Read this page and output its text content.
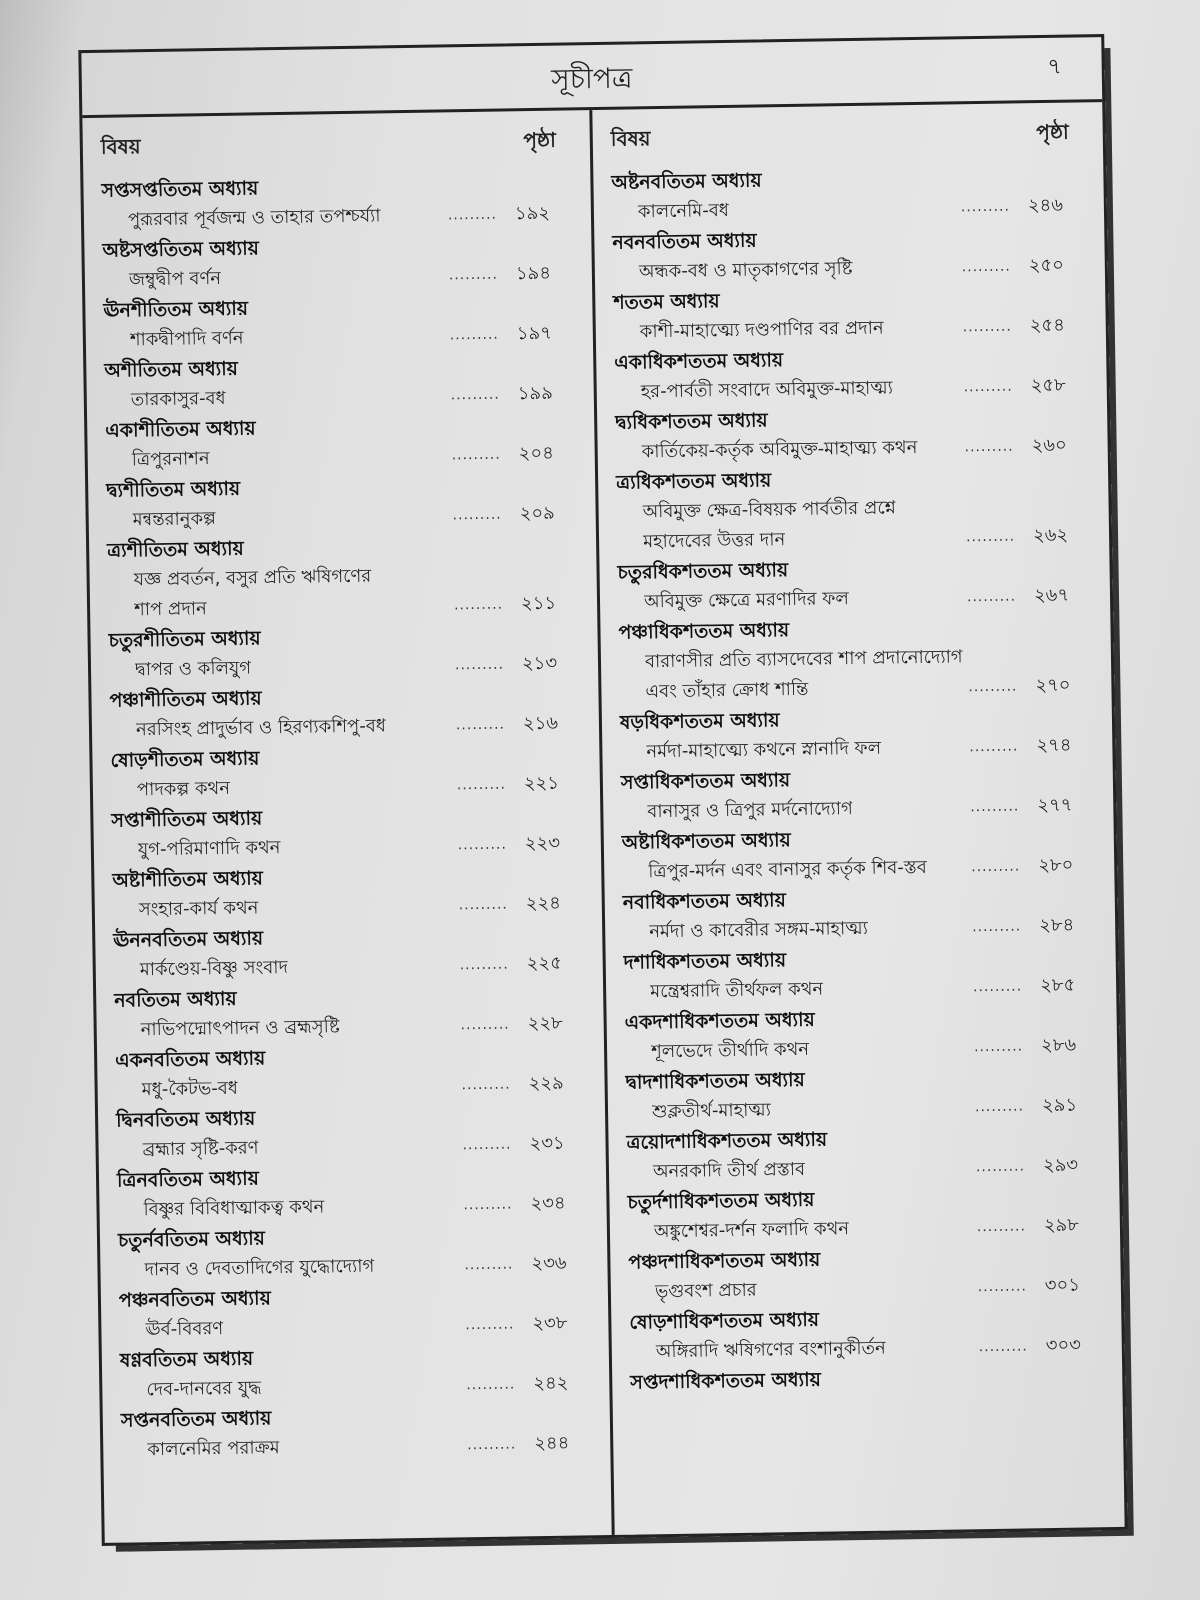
সূচীপত্র	৭
বিষয়	পৃষ্ঠা
সপ্তসপ্ততিতম অধ্যায়
পুরূরবার পূর্বজন্ম ও তাহার তপশ্চর্য্যা	......... ১৯২
অষ্টসপ্ততিতম অধ্যায়
জম্বুদ্বীপ বর্ণন	......... ১৯৪
ঊনশীতিতম অধ্যায়
শাকদ্বীপাদি বর্ণন	......... ১৯৭
অশীতিতম অধ্যায়
তারকাসুর-বধ	......... ১৯৯
একাশীতিতম অধ্যায়
ত্রিপুরনাশন	......... ২০৪
দ্ব্যশীতিতম অধ্যায়
মন্বন্তরানুকল্প	......... ২০৯
ত্র্যশীতিতম অধ্যায়
যজ্ঞ প্রবর্তন, বসুর প্রতি ঋষিগণের
শাপ প্রদান	......... ২১১
চতুরশীতিতম অধ্যায়
দ্বাপর ও কলিযুগ	......... ২১৩
পঞ্চাশীতিতম অধ্যায়
নরসিংহ প্রাদুর্ভাব ও হিরণ্যকশিপু-বধ	......... ২১৬
ষোড়শীততম অধ্যায়
পাদকল্প কথন	......... ২২১
সপ্তাশীতিতম অধ্যায়
যুগ-পরিমাণাদি কথন	......... ২২৩
অষ্টাশীতিতম অধ্যায়
সংহার-কার্য কথন	......... ২২৪
ঊননবতিতম অধ্যায়
মার্কণ্ডেয়-বিষ্ণু সংবাদ	......... ২২৫
নবতিতম অধ্যায়
নাভিপদ্মোৎপাদন ও ব্রহ্মসৃষ্টি	......... ২২৮
একনবতিতম অধ্যায়
মধু-কৈটভ-বধ	......... ২২৯
দ্বিনবতিতম অধ্যায়
ব্রহ্মার সৃষ্টি-করণ	......... ২৩১
ত্রিনবতিতম অধ্যায়
বিষ্ণুর বিবিধাত্মাকত্ব কথন	......... ২৩৪
চতুর্নবতিতম অধ্যায়
দানব ও দেবতাদিগের যুদ্ধোদ্যোগ	......... ২৩৬
পঞ্চনবতিতম অধ্যায়
ঊর্ব-বিবরণ	......... ২৩৮
ষণ্ণবতিতম অধ্যায়
দেব-দানবের যুদ্ধ	......... ২৪২
সপ্তনবতিতম অধ্যায়
কালনেমির পরাক্রম	......... ২৪৪
বিষয়	পৃষ্ঠা
অষ্টনবতিতম অধ্যায়
কালনেমি-বধ	......... ২৪৬
নবনবতিতম অধ্যায়
অন্ধক-বধ ও মাতৃকাগণের সৃষ্টি	......... ২৫০
শততম অধ্যায়
কাশী-মাহাত্ম্যে দণ্ডপাণির বর প্রদান	......... ২৫৪
একাধিকশততম অধ্যায়
হর-পার্বতী সংবাদে অবিমুক্ত-মাহাত্ম্য	......... ২৫৮
দ্ব্যধিকশততম অধ্যায়
কার্তিকেয়-কর্তৃক অবিমুক্ত-মাহাত্ম্য কথন	......... ২৬০
ত্র্যধিকশততম অধ্যায়
অবিমুক্ত ক্ষেত্র-বিষয়ক পার্বতীর প্রশ্নে
মহাদেবের উত্তর দান	......... ২৬২
চতুরধিকশততম অধ্যায়
অবিমুক্ত ক্ষেত্রে মরণাদির ফল	......... ২৬৭
পঞ্চাধিকশততম অধ্যায়
বারাণসীর প্রতি ব্যাসদেবের শাপ প্রদানোদ্যোগ
এবং তাঁহার ক্রোধ শান্তি	......... ২৭০
ষড়ধিকশততম অধ্যায়
নর্মদা-মাহাত্ম্যে কথনে স্নানাদি ফল	......... ২৭৪
সপ্তাধিকশততম অধ্যায়
বানাসুর ও ত্রিপুর মর্দনোদ্যোগ	......... ২৭৭
অষ্টাধিকশততম অধ্যায়
ত্রিপুর-মর্দন এবং বানাসুর কর্তৃক শিব-স্তব	......... ২৮০
নবাধিকশততম অধ্যায়
নর্মদা ও কাবেরীর সঙ্গম-মাহাত্ম্য	......... ২৮৪
দশাধিকশততম অধ্যায়
মন্ত্রেশ্বরাদি তীর্থফল কথন	......... ২৮৫
একদশাধিকশততম অধ্যায়
শূলভেদে তীর্থাদি কথন	......... ২৮৬
দ্বাদশাধিকশততম অধ্যায়
শুক্লতীর্থ-মাহাত্ম্য	......... ২৯১
ত্রয়োদশাধিকশততম অধ্যায়
অনরকাদি তীর্থ প্রস্তাব	......... ২৯৩
চতুর্দশাধিকশততম অধ্যায়
অঙ্কুশেশ্বর-দর্শন ফলাদি কথন	......... ২৯৮
পঞ্চদশাধিকশততম অধ্যায়
ভৃগুবংশ প্রচার	......... ৩০১
ষোড়শাধিকশততম অধ্যায়
অঙ্গিরাদি ঋষিগণের বংশানুকীর্তন	......... ৩০৩
সপ্তদশাধিকশততম অধ্যায়
